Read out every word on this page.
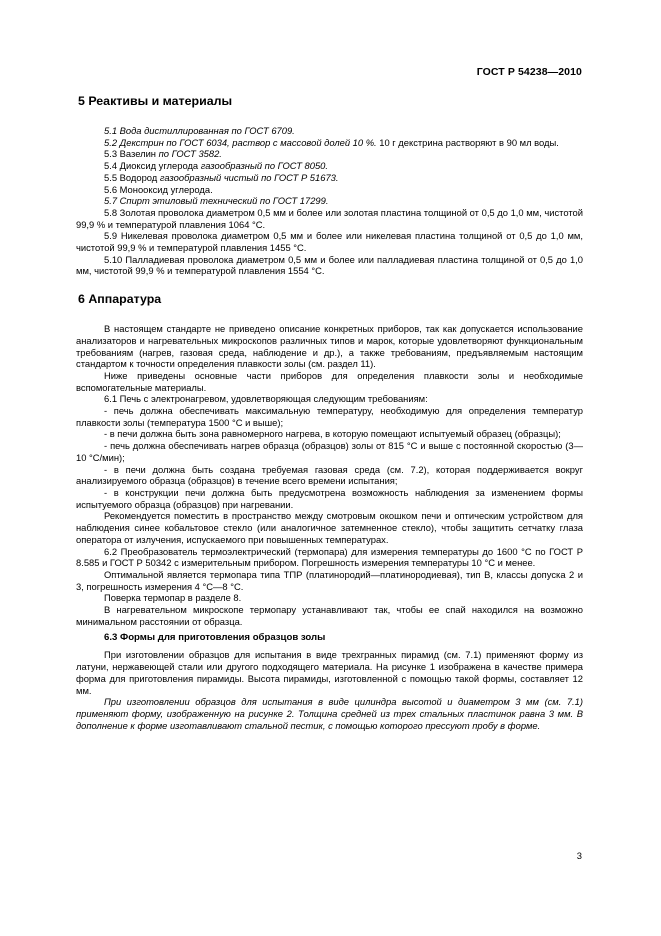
ГОСТ Р 54238—2010
5 Реактивы и материалы

5.1 Вода дистиллированная по ГОСТ 6709.

5.2 Декстрин по ГОСТ 6034, раствор с массовой долей 10 %. 10 г декстрина растворяют в 90 мл воды.

5.3 Вазелин по ГОСТ 3582.

5.4 Диоксид углерода газообразный по ГОСТ 8050.

5.5 Водород газообразный чистый по ГОСТ Р 51673.

5.6 Монооксид углерода.

5.7 Спирт этиловый технический по ГОСТ 17299.

5.8 Золотая проволока диаметром 0,5 мм и более или золотая пластина толщиной от 0,5 до 1,0 мм, чистотой 99,9 % и температурой плавления 1064 °С.

5.9 Никелевая проволока диаметром 0,5 мм и более или никелевая пластина толщиной от 0,5 до 1,0 мм, чистотой 99,9 % и температурой плавления 1455 °С.

5.10 Палладиевая проволока диаметром 0,5 мм и более или палладиевая пластина толщиной от 0,5 до 1,0 мм, чистотой 99,9 % и температурой плавления 1554 °С.

6 Аппаратура

В настоящем стандарте не приведено описание конкретных приборов, так как допускается использование анализаторов и нагревательных микроскопов различных типов и марок, которые удовлетворяют функциональным требованиям (нагрев, газовая среда, наблюдение и др.), а также требованиям, предъявляемым настоящим стандартом к точности определения плавкости золы (см. раздел 11).

Ниже приведены основные части приборов для определения плавкости золы и необходимые вспомогательные материалы.

6.1 Печь с электронагревом, удовлетворяющая следующим требованиям:

- печь должна обеспечивать максимальную температуру, необходимую для определения температур плавкости золы (температура 1500 °С и выше);

- в печи должна быть зона равномерного нагрева, в которую помещают испытуемый образец (образцы);

- печь должна обеспечивать нагрев образца (образцов) золы от 815 °С и выше с постоянной скоростью (3—10 °С/мин);

- в печи должна быть создана требуемая газовая среда (см. 7.2), которая поддерживается вокруг анализируемого образца (образцов) в течение всего времени испытания;

- в конструкции печи должна быть предусмотрена возможность наблюдения за изменением формы испытуемого образца (образцов) при нагревании.

Рекомендуется поместить в пространство между смотровым окошком печи и оптическим устройством для наблюдения синее кобальтовое стекло (или аналогичное затемненное стекло), чтобы защитить сетчатку глаза оператора от излучения, испускаемого при повышенных температурах.

6.2 Преобразователь термоэлектрический (термопара) для измерения температуры до 1600 °С по ГОСТ Р 8.585 и ГОСТ Р 50342 с измерительным прибором. Погрешность измерения температуры 10 °С и менее.

Оптимальной является термопара типа ТПР (платинородий—платинородиевая), тип В, классы допуска 2 и 3, погрешность измерения 4 °С—8 °С.

Поверка термопар в разделе 8.

В нагревательном микроскопе термопару устанавливают так, чтобы ее спай находился на возможно минимальном расстоянии от образца.

6.3 Формы для приготовления образцов золы

При изготовлении образцов для испытания в виде трехгранных пирамид (см. 7.1) применяют форму из латуни, нержавеющей стали или другого подходящего материала. На рисунке 1 изображена в качестве примера форма для приготовления пирамиды. Высота пирамиды, изготовленной с помощью такой формы, составляет 12 мм.

При изготовлении образцов для испытания в виде цилиндра высотой и диаметром 3 мм (см. 7.1) применяют форму, изображенную на рисунке 2. Толщина средней из трех стальных пластинок равна 3 мм. В дополнение к форме изготавливают стальной пестик, с помощью которого прессуют пробу в форме.

3
